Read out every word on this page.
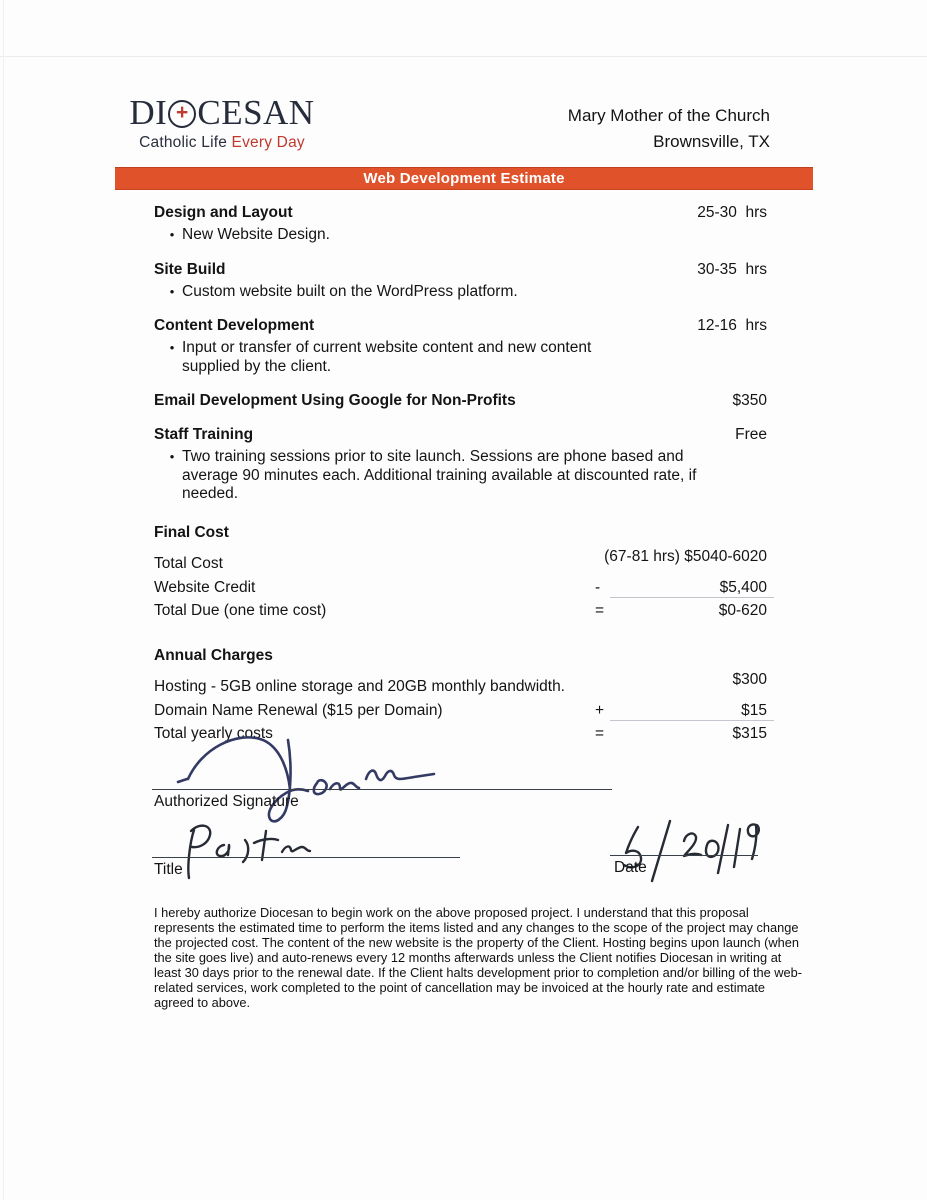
DI + CESAN
Catholic Life Every Day
Mary Mother of the Church
Brownsville, TX
Web Development Estimate
Design and Layout	25-30  hrs
• New Website Design.
Site Build	30-35  hrs
• Custom website built on the WordPress platform.
Content Development	12-16  hrs
• Input or transfer of current website content and new content supplied by the client.
Email Development Using Google for Non-Profits	$350
Staff Training	Free
• Two training sessions prior to site launch. Sessions are phone based and average 90 minutes each. Additional training available at discounted rate, if needed.
Final Cost
Total Cost	(67-81 hrs) $5040-6020
Website Credit	-	$5,400
Total Due (one time cost)	=	$0-620
Annual Charges
Hosting - 5GB online storage and 20GB monthly bandwidth.	$300
Domain Name Renewal ($15 per Domain)	+	$15
Total yearly costs	=	$315
Authorized Signature
Title	Date
I hereby authorize Diocesan to begin work on the above proposed project. I understand that this proposal represents the estimated time to perform the items listed and any changes to the scope of the project may change the projected cost. The content of the new website is the property of the Client. Hosting begins upon launch (when the site goes live) and auto-renews every 12 months afterwards unless the Client notifies Diocesan in writing at least 30 days prior to the renewal date. If the Client halts development prior to completion and/or billing of the web-related services, work completed to the point of cancellation may be invoiced at the hourly rate and estimate agreed to above.
